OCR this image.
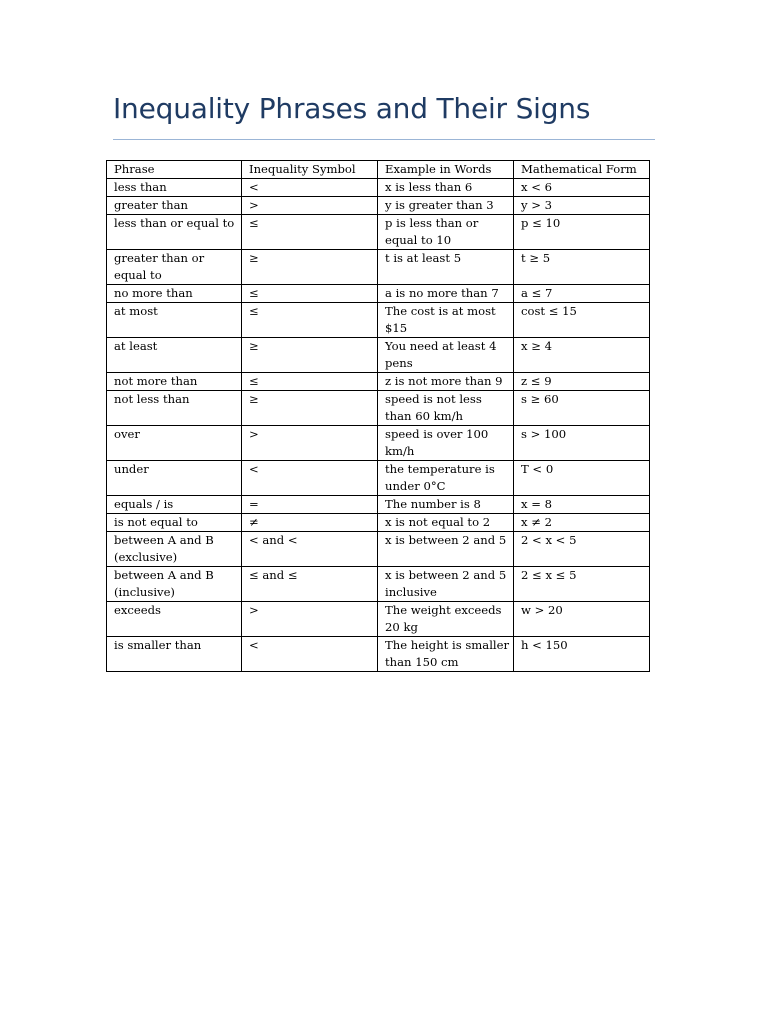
Inequality Phrases and Their Signs
Phrase	Inequality Symbol	Example in Words	Mathematical Form
less than	<	x is less than 6	x < 6
greater than	>	y is greater than 3	y > 3
less than or equal to	≤	p is less than or equal to 10	p ≤ 10
greater than or equal to	≥	t is at least 5	t ≥ 5
no more than	≤	a is no more than 7	a ≤ 7
at most	≤	The cost is at most $15	cost ≤ 15
at least	≥	You need at least 4 pens	x ≥ 4
not more than	≤	z is not more than 9	z ≤ 9
not less than	≥	speed is not less than 60 km/h	s ≥ 60
over	>	speed is over 100 km/h	s > 100
under	<	the temperature is under 0°C	T < 0
equals / is	=	The number is 8	x = 8
is not equal to	≠	x is not equal to 2	x ≠ 2
between A and B (exclusive)	< and <	x is between 2 and 5	2 < x < 5
between A and B (inclusive)	≤ and ≤	x is between 2 and 5 inclusive	2 ≤ x ≤ 5
exceeds	>	The weight exceeds 20 kg	w > 20
is smaller than	<	The height is smaller than 150 cm	h < 150
